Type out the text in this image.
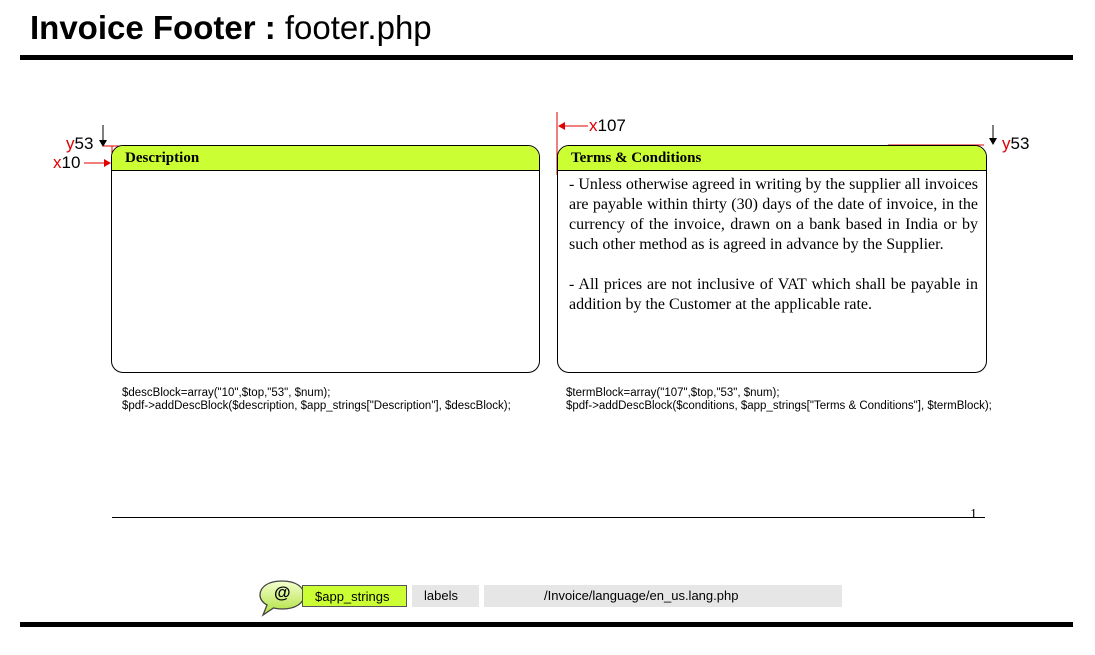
Invoice Footer : footer.php
y53
x10
x107
y53
Description	Terms & Conditions

- Unless otherwise agreed in writing by the supplier all invoices are payable within thirty (30) days of the date of invoice, in the currency of the invoice, drawn on a bank based in India or by such other method as is agreed in advance by the Supplier.

- All prices are not inclusive of VAT which shall be payable in addition by the Customer at the applicable rate.

$descBlock=array("10",$top,"53", $num);
$pdf->addDescBlock($description, $app_strings["Description"], $descBlock);
$termBlock=array("107",$top,"53", $num);
$pdf->addDescBlock($conditions, $app_strings["Terms & Conditions"], $termBlock);
1
@	$app_strings	labels	/Invoice/language/en_us.lang.php
